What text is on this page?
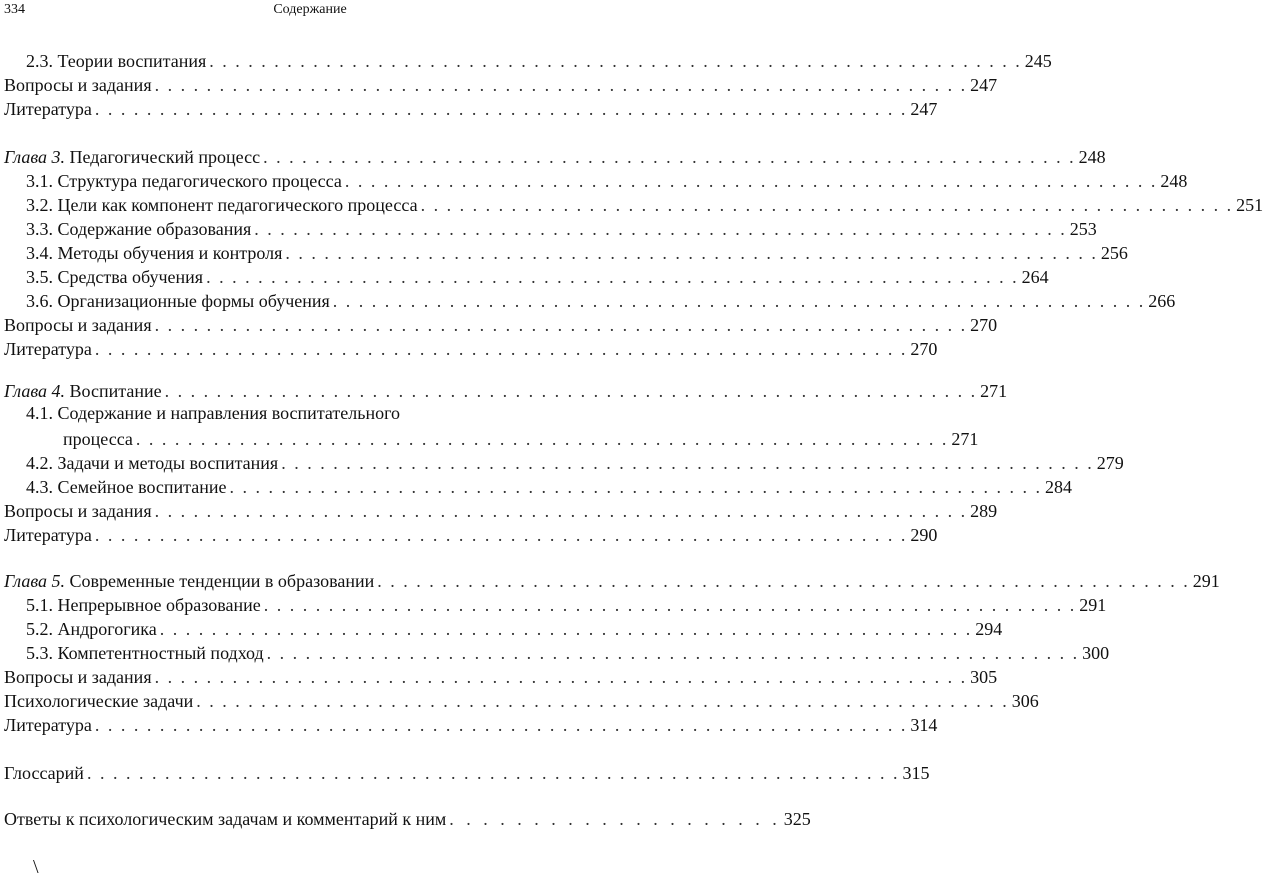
334	Содержание
2.3. Теории воспитания . . . . . . . . . . . . . . . . . . . . . . . . . . . . . . . . . . . . . . . . . . . . . . . . . . . . . . . . . . . . . . . 245
Вопросы и задания . . . . . . . . . . . . . . . . . . . . . . . . . . . . . . . . . . . . . . . . . . . . . . . . . . . . . . . . . . . . . . . 247
Литература . . . . . . . . . . . . . . . . . . . . . . . . . . . . . . . . . . . . . . . . . . . . . . . . . . . . . . . . . . . . . . . 247
Глава 3. Педагогический процесс . . . . . . . . . . . . . . . . . . . . . . . . . . . . . . . . . . . . . . . . . . . . . . . . . . . . . . . . . . . . . . . 248
3.1. Структура педагогического процесса . . . . . . . . . . . . . . . . . . . . . . . . . . . . . . . . . . . . . . . . . . . . . . . . . . . . . . . . . . . . . . . 248
3.2. Цели как компонент педагогического процесса . . . . . . . . . . . . . . . . . . . . . . . . . . . . . . . . . . . . . . . . . . . . . . . . . . . . . . . . . . . . . . . 251
3.3. Содержание образования . . . . . . . . . . . . . . . . . . . . . . . . . . . . . . . . . . . . . . . . . . . . . . . . . . . . . . . . . . . . . . . 253
3.4. Методы обучения и контроля . . . . . . . . . . . . . . . . . . . . . . . . . . . . . . . . . . . . . . . . . . . . . . . . . . . . . . . . . . . . . . . 256
3.5. Средства обучения . . . . . . . . . . . . . . . . . . . . . . . . . . . . . . . . . . . . . . . . . . . . . . . . . . . . . . . . . . . . . . . 264
3.6. Организационные формы обучения . . . . . . . . . . . . . . . . . . . . . . . . . . . . . . . . . . . . . . . . . . . . . . . . . . . . . . . . . . . . . . . 266
Вопросы и задания . . . . . . . . . . . . . . . . . . . . . . . . . . . . . . . . . . . . . . . . . . . . . . . . . . . . . . . . . . . . . . . 270
Литература . . . . . . . . . . . . . . . . . . . . . . . . . . . . . . . . . . . . . . . . . . . . . . . . . . . . . . . . . . . . . . . 270
Глава 4. Воспитание . . . . . . . . . . . . . . . . . . . . . . . . . . . . . . . . . . . . . . . . . . . . . . . . . . . . . . . . . . . . . . . 271
4.1. Содержание и направления воспитательного
процесса . . . . . . . . . . . . . . . . . . . . . . . . . . . . . . . . . . . . . . . . . . . . . . . . . . . . . . . . . . . . . . . 271
4.2. Задачи и методы воспитания . . . . . . . . . . . . . . . . . . . . . . . . . . . . . . . . . . . . . . . . . . . . . . . . . . . . . . . . . . . . . . . 279
4.3. Семейное воспитание . . . . . . . . . . . . . . . . . . . . . . . . . . . . . . . . . . . . . . . . . . . . . . . . . . . . . . . . . . . . . . . 284
Вопросы и задания . . . . . . . . . . . . . . . . . . . . . . . . . . . . . . . . . . . . . . . . . . . . . . . . . . . . . . . . . . . . . . . 289
Литература . . . . . . . . . . . . . . . . . . . . . . . . . . . . . . . . . . . . . . . . . . . . . . . . . . . . . . . . . . . . . . . 290
Глава 5. Современные тенденции в образовании . . . . . . . . . . . . . . . . . . . . . . . . . . . . . . . . . . . . . . . . . . . . . . . . . . . . . . . . . . . . . . . 291
5.1. Непрерывное образование . . . . . . . . . . . . . . . . . . . . . . . . . . . . . . . . . . . . . . . . . . . . . . . . . . . . . . . . . . . . . . . 291
5.2. Андрогогика . . . . . . . . . . . . . . . . . . . . . . . . . . . . . . . . . . . . . . . . . . . . . . . . . . . . . . . . . . . . . . . 294
5.3. Компетентностный подход . . . . . . . . . . . . . . . . . . . . . . . . . . . . . . . . . . . . . . . . . . . . . . . . . . . . . . . . . . . . . . . 300
Вопросы и задания . . . . . . . . . . . . . . . . . . . . . . . . . . . . . . . . . . . . . . . . . . . . . . . . . . . . . . . . . . . . . . . 305
Психологические задачи . . . . . . . . . . . . . . . . . . . . . . . . . . . . . . . . . . . . . . . . . . . . . . . . . . . . . . . . . . . . . . . 306
Литература . . . . . . . . . . . . . . . . . . . . . . . . . . . . . . . . . . . . . . . . . . . . . . . . . . . . . . . . . . . . . . . 314
Глоссарий . . . . . . . . . . . . . . . . . . . . . . . . . . . . . . . . . . . . . . . . . . . . . . . . . . . . . . . . . . . . . . . 315
Ответы к психологическим задачам и комментарий к ним . . . . . . . . . . . . . . . . . . . . 325
\
